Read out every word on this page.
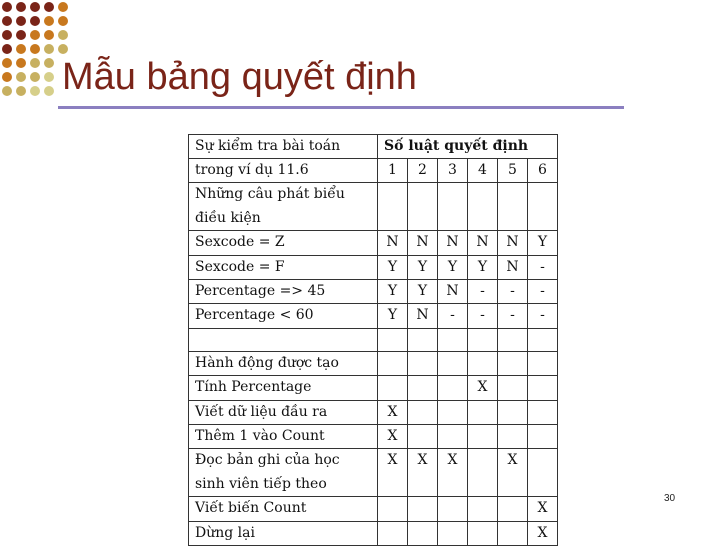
Mẫu bảng quyết định
Sự kiểm tra bài toán	Số luật quyết định					
trong ví dụ 11.6	1	2	3	4	5	6

Những câu phát biểu
điều kiện						

Sexcode = Z	N	N	N	N	N	Y
Sexcode = F	Y	Y	Y	Y	N	-
Percentage => 45	Y	Y	N	-	-	-
Percentage < 60	Y	N	-	-	-	-

Hành động được tạo						
Tính Percentage				X		
Viết dữ liệu đầu ra	X					
Thêm 1 vào Count	X					

Đọc bản ghi của học
sinh viên tiếp theo	X	X	X		X	
Viết biến Count						X
Dừng lại						X
30
